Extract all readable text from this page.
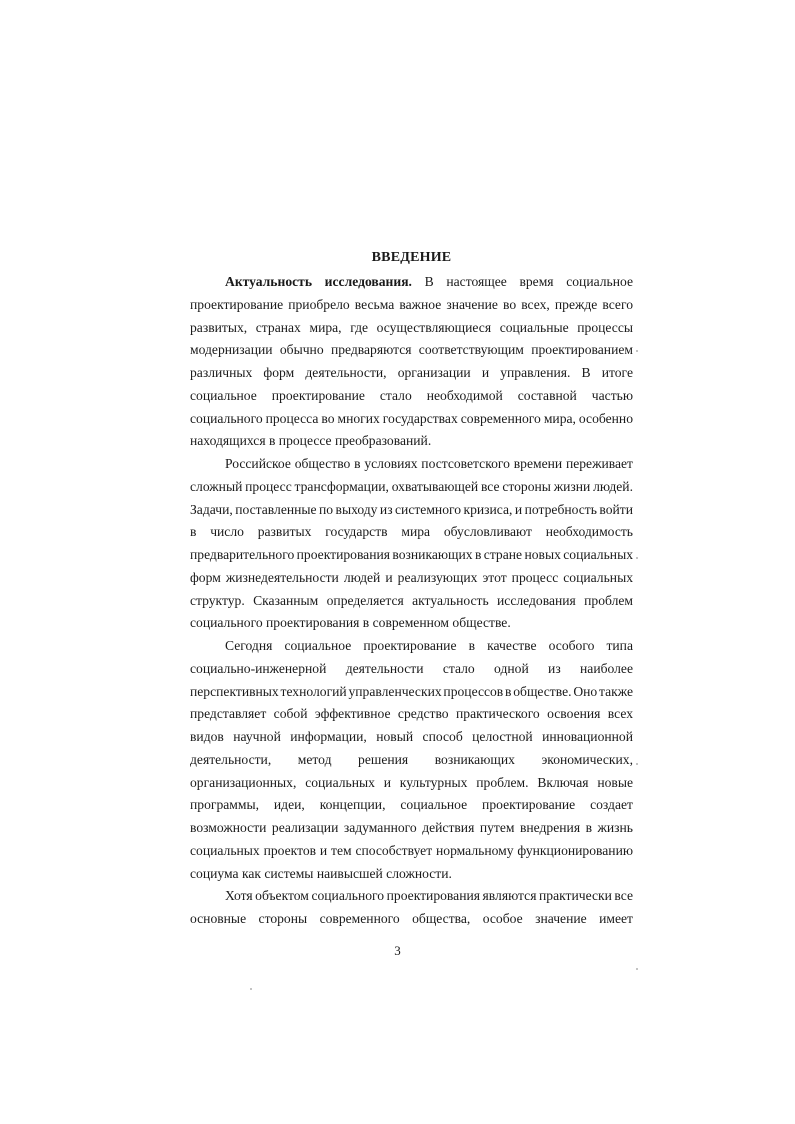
ВВЕДЕНИЕ

Актуальность исследования. В настоящее время социальное
проектирование приобрело весьма важное значение во всех, прежде всего
развитых, странах мира, где осуществляющиеся социальные процессы
модернизации обычно предваряются соответствующим проектированием
различных форм деятельности, организации и управления. В итоге
социальное проектирование стало необходимой составной частью
социального процесса во многих государствах современного мира, особенно
находящихся в процессе преобразований.

Российское общество в условиях постсоветского времени переживает
сложный процесс трансформации, охватывающей все стороны жизни людей.
Задачи, поставленные по выходу из системного кризиса, и потребность войти
в число развитых государств мира обусловливают необходимость
предварительного проектирования возникающих в стране новых социальных
форм жизнедеятельности людей и реализующих этот процесс социальных
структур. Сказанным определяется актуальность исследования проблем
социального проектирования в современном обществе.

Сегодня социальное проектирование в качестве особого типа
социально-инженерной деятельности стало одной из наиболее
перспективных технологий управленческих процессов в обществе. Оно также
представляет собой эффективное средство практического освоения всех
видов научной информации, новый способ целостной инновационной
деятельности, метод решения возникающих экономических,
организационных, социальных и культурных проблем. Включая новые
программы, идеи, концепции, социальное проектирование создает
возможности реализации задуманного действия путем внедрения в жизнь
социальных проектов и тем способствует нормальному функционированию
социума как системы наивысшей сложности.

Хотя объектом социального проектирования являются практически все
основные стороны современного общества, особое значение имеет

3
